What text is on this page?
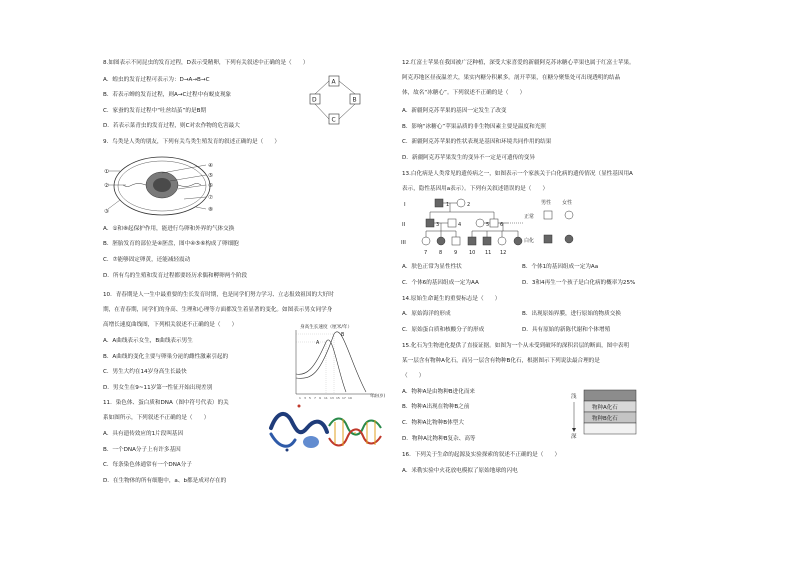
8.如图表示不同昆虫的发育过程，D表示受精卵，下列有关叙述中正确的是（　　）
A．蝗虫的发育过程可表示为：D→A→B→C
B．若表示蝉的发育过程，则A→C过程中有蜕皮现象
C．家蚕的发育过程中“吐丝结茧”的是B期
D．若表示菜青虫的发育过程，则C对农作物的危害最大
A
B
C
D
9．鸟类是人类的朋友，下列有关鸟类生殖发育的叙述正确的是（　　）
①
②
③
④
⑤
⑥
⑦
⑧
A．①和⑧起保护作用，能进行鸟卵和外界的气体交换
B．胚胎发育的部位是④胚盘，图中④⑤⑥构成了卵细胞
C．⑦能够固定卵黄，还能减轻震动
D．所有鸟的生殖和发育过程都要经历求偶和孵卵两个阶段
10．青春期是人一生中最重要的生长发育时期，也是同学们努力学习、立志报效祖国的大好时
期，在青春期，同学们的身高、生理和心理等方面都发生着显著的变化。如图表示男女同学身
高增长速度曲线图，下列相关叙述不正确的是（　　）
A．A曲线表示女生，B曲线表示男生
B．A曲线的变化主要与卵巢分泌的雌性激素引起的
C．男生大约在14岁身高生长最快
D．男女生在9~11岁第一性征开始出现差别
身高生长速度（厘米/年）
A
B
1 3 5 7 9 11 13 15 17 19	年龄(岁)
11．染色体、蛋白质和DNA（图中符号代表）的关
系如图所示，下列叙述不正确的是（　　）
A．具有遗传效应的1片段叫基因
B．一个DNA分子上有许多基因
C．每条染色体通常有一个DNA分子
D．在生物体的所有细胞中，a、b都是成对存在的
12.红富士苹果在我国被广泛种植，深受大家喜爱的新疆阿克苏冰糖心苹果也属于红富士苹果。
阿克苏地区昼夜温差大，果实内糖分积累多。剖开苹果，在糖分聚集处可出现透明的结晶
体，故名“冰糖心”。下列叙述不正确的是（　　）
A．新疆阿克苏苹果的基因一定发生了改变
B．影响“冰糖心”苹果品质的非生物因素主要是温度和光照
C．新疆阿克苏苹果的性状表现是基因和环境共同作用的结果
D．新疆阿克苏苹果发生的变异不一定是可遗传的变异
13.白化病是人类常见的遗传病之一，如图表示一个家族关于白化病的遗传情况（显性基因用A
表示，隐性基因用a表示）。下列有关叙述错误的是（　　）
I
II
III
1	2
3	4	5 6
7 8 9 10 11 12
男性 女性
正常
白化
A．肤色正常为显性性状	B．个体1的基因组成一定为Aa
C．个体6的基因组成一定为AA	D．3和4再生一个孩子是白化病的概率为25%
14.原始生命诞生的重要标志是（　　）
A．原始海洋的形成	B．出现原始界膜，进行原始的物质交换
C．原始蛋白质和核酸分子的形成	D．具有原始的新陈代谢和个体增殖
15.化石为生物进化提供了直接证据。如图为一个从未受到破坏的深积岩层的断面，图中表明
某一层含有物种A化石，而另一层含有物种B化石，根据图示下列说法最合理的是
（　　）
A．物种A是由物种B进化而来
B．物种A出现在物种B之前
C．物种A比物种B体型大
D．物种A比物种B复杂、高等
浅
深
物种A化石
物种B化石
16．下列关于生命的起源及实验探索的叙述不正确的是（　　）
A．米勒实验中火花放电模拟了原始地球的闪电
